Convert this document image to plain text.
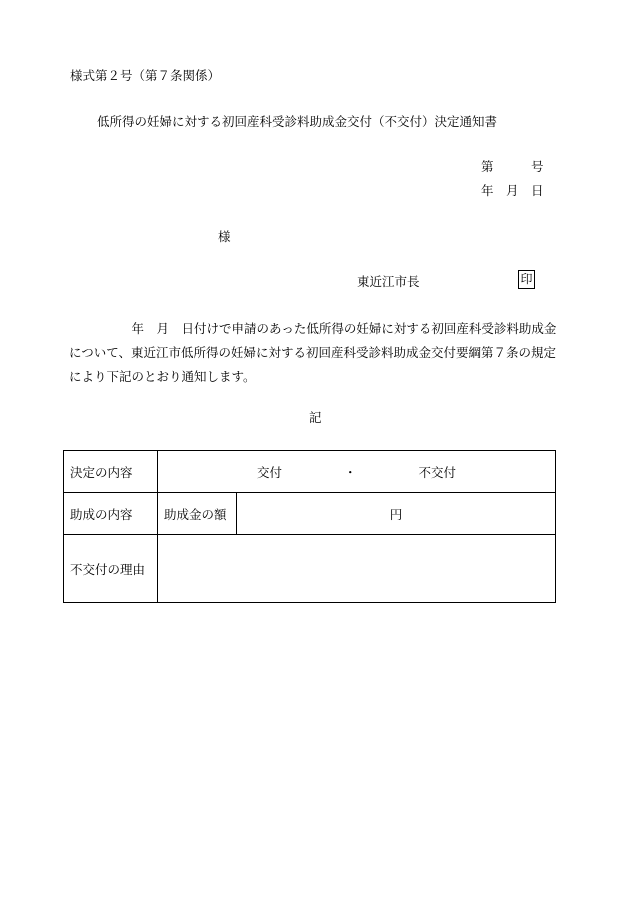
様式第２号（第７条関係）
低所得の妊婦に対する初回産科受診料助成金交付（不交付）決定通知書
第　　　号
年　月　日
様
東近江市長	印
　　　　　年　月　日付けで申請のあった低所得の妊婦に対する初回産科受診料助成金について、東近江市低所得の妊婦に対する初回産科受診料助成金交付要綱第７条の規定により下記のとおり通知します。
記
決定の内容	交付 ・ 不交付	
助成の内容	助成金の額	円
不交付の理由		
